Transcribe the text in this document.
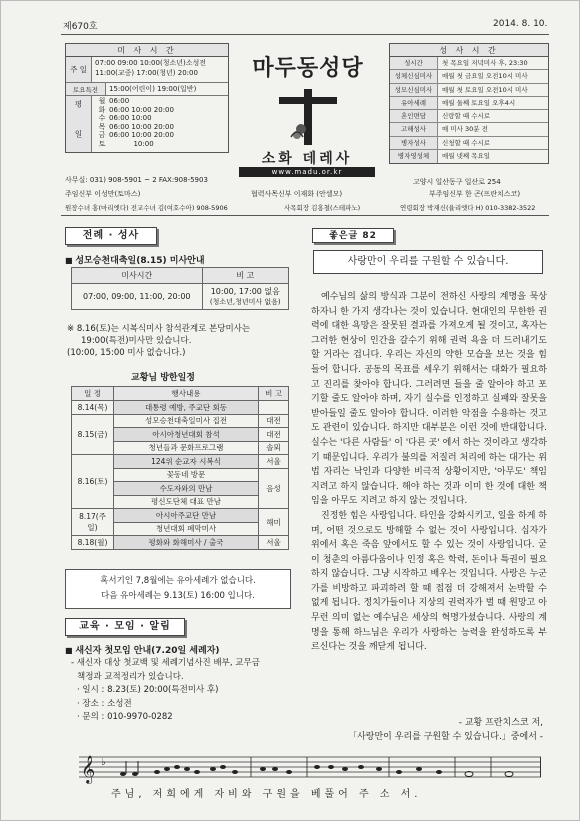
제670호	2014. 8. 10.
미 사 시 간
주 일
07:00 09:00 10:00(청소년)소성전
11:00(교중) 17:00(청년) 20:00
토요특전	15:00(어린이) 19:00(일반)
평 일	월 06:00
화 06:00 10:00 20:00
수 06:00 10:00
목 06:00 10:00 20:00
금 06:00 10:00 20:00
토 10:00
마두동성당
소화 데레사
www.madu.or.kr
성 사 시 간
성시간	첫 목요일 저녁미사 후, 23:30
성체신심미사	매월 첫 금요일 오전10시 미사
성모신심미사	매월 첫 토요일 오전10시 미사
유아세례	매월 둘째 토요일 오후4시
혼인면담	신랑할 때 수시로
고해성사	매 미사 30분 전
병자성사	신청할 때 수시로
병자영성체	매월 넷째 목요일
사무실: 031) 908-5901 ~ 2 FAX:908-5903	고양시 일산동구 일산로 254
주임신부 이성만(토마스)	협력사목신부 이재화 (안셀모)	부주임신부 한 곤(프란치스코)
원장수녀 홍(마리엣다) 전교수녀 김(여호수아) 908-5906	사목회장 김홍철(스테파노)	연령회장 박재신(율리엣다 H) 010-3382-3522
전례 · 성사
■ 성모승천대축일(8.15) 미사안내
미사시간	비 고
07:00, 09:00, 11:00, 20:00	10:00, 17:00 없음
(청소년,청년미사 없음)
※ 8.16(토)는 시복식미사 참석관계로 본당미사는
19:00(특전)미사만 있습니다.
(10:00, 15:00 미사 없습니다.)
교황님 방한일정
일 정	행사내용	비 고
8.14(목)	대통령 예방, 주교단 회동	
8.15(금)	성모승천대축일미사 집전	대전
	아시아청년대회 참석	대전
	청년들과 문화프로그램	솔뫼
8.16(토)	124위 순교자 시복식	서울
	꽃동네 방문	음성
	수도자와의 만남	
	평신도단체 대표 만남	
8.17(주일)	아시아주교단 만남	해미
	청년대회 폐막미사	
8.18(월)	평화와 화해미사 / 출국	서울
혹서기인 7,8월에는 유아세례가 없습니다.
다음 유아세례는 9.13(토) 16:00 입니다.
교육 · 모임 · 알림
■ 새신자 첫모임 안내(7.20일 세례자)
- 새신자 대상 첫교백 및 세례기념사진 배부, 교무금
책정과 교적정리가 있습니다.
· 일시 : 8.23(토) 20:00(특전미사 후)
· 장소 : 소성전
· 문의 : 010-9970-0282
좋은글 82
사랑만이 우리를 구원할 수 있습니다.

예수님의 삶의 방식과 그분이 전하신 사랑의 계명을 묵상하자니 한 가지 생각나는 것이 있습니다. 현대인의 무한한 권력에 대한 욕망은 잘못된 결과를 가져오게 될 것이고, 혹자는 그러한 현상이 인간을 갈수기 위해 권력 욕을 더 드러내기도 할 거라는 겁니다. 우리는 자신의 약한 모습을 보는 것을 힘들어 합니다. 공동의 목표를 세우기 위해서는 대화가 필요하고 진리를 찾아야 합니다. 그러려면 들을 줄 알아야 하고 포기할 줄도 알아야 하며, 자기 실수를 인정하고 실패와 잘못을 받아들일 줄도 알아야 합니다. 이러한 악점을 수용하는 것고도 관련이 있습니다. 하지만 대부분은 이런 것에 반대합니다. 실수는 '다른 사람들' 이 '다른 곳' 에서 하는 것이라고 생각하기 때문입니다. 우리가 불의를 저질러 처리에 하는 대가는 위법 자리는 낙인과 다양한 비극적 상황이지만, '아무도' 책임지려고 하지 않습니다. 해야 하는 것과 이미 한 것에 대한 책임을 아무도 지려고 하지 않는 것입니다.

진정한 힘은 사랑입니다. 타인을 강화시키고, 일을 하게 하며, 어떤 것으로도 방해할 수 없는 것이 사랑입니다. 십자가 위에서 혹은 죽음 앞에서도 할 수 있는 것이 사랑입니다. 굳이 청춘의 아름다움이나 인정 혹은 학력, 돈이나 특권이 필요하지 않습니다. 그냥 시작하고 배우는 것입니다. 사랑은 누군가를 비방하고 파괴하려 할 때 접점 더 강해져서 논박할 수 없게 됩니다. 정치가들이나 지상의 권력자가 벌 때 원망고 아무런 의미 없는 예수님은 세상의 혁명가셨습니다. 사랑의 계명을 통해 하느님은 우리가 사랑하는 능력을 완성하도록 부르신다는 것을 깨닫게 됩니다.

- 교황 프란치스코 저,
「사랑만이 우리를 구원할 수 있습니다.」중에서 -
𝄞 ♭
주님, 저희에게 자비와 구원을 베풀어 주 소 서.
